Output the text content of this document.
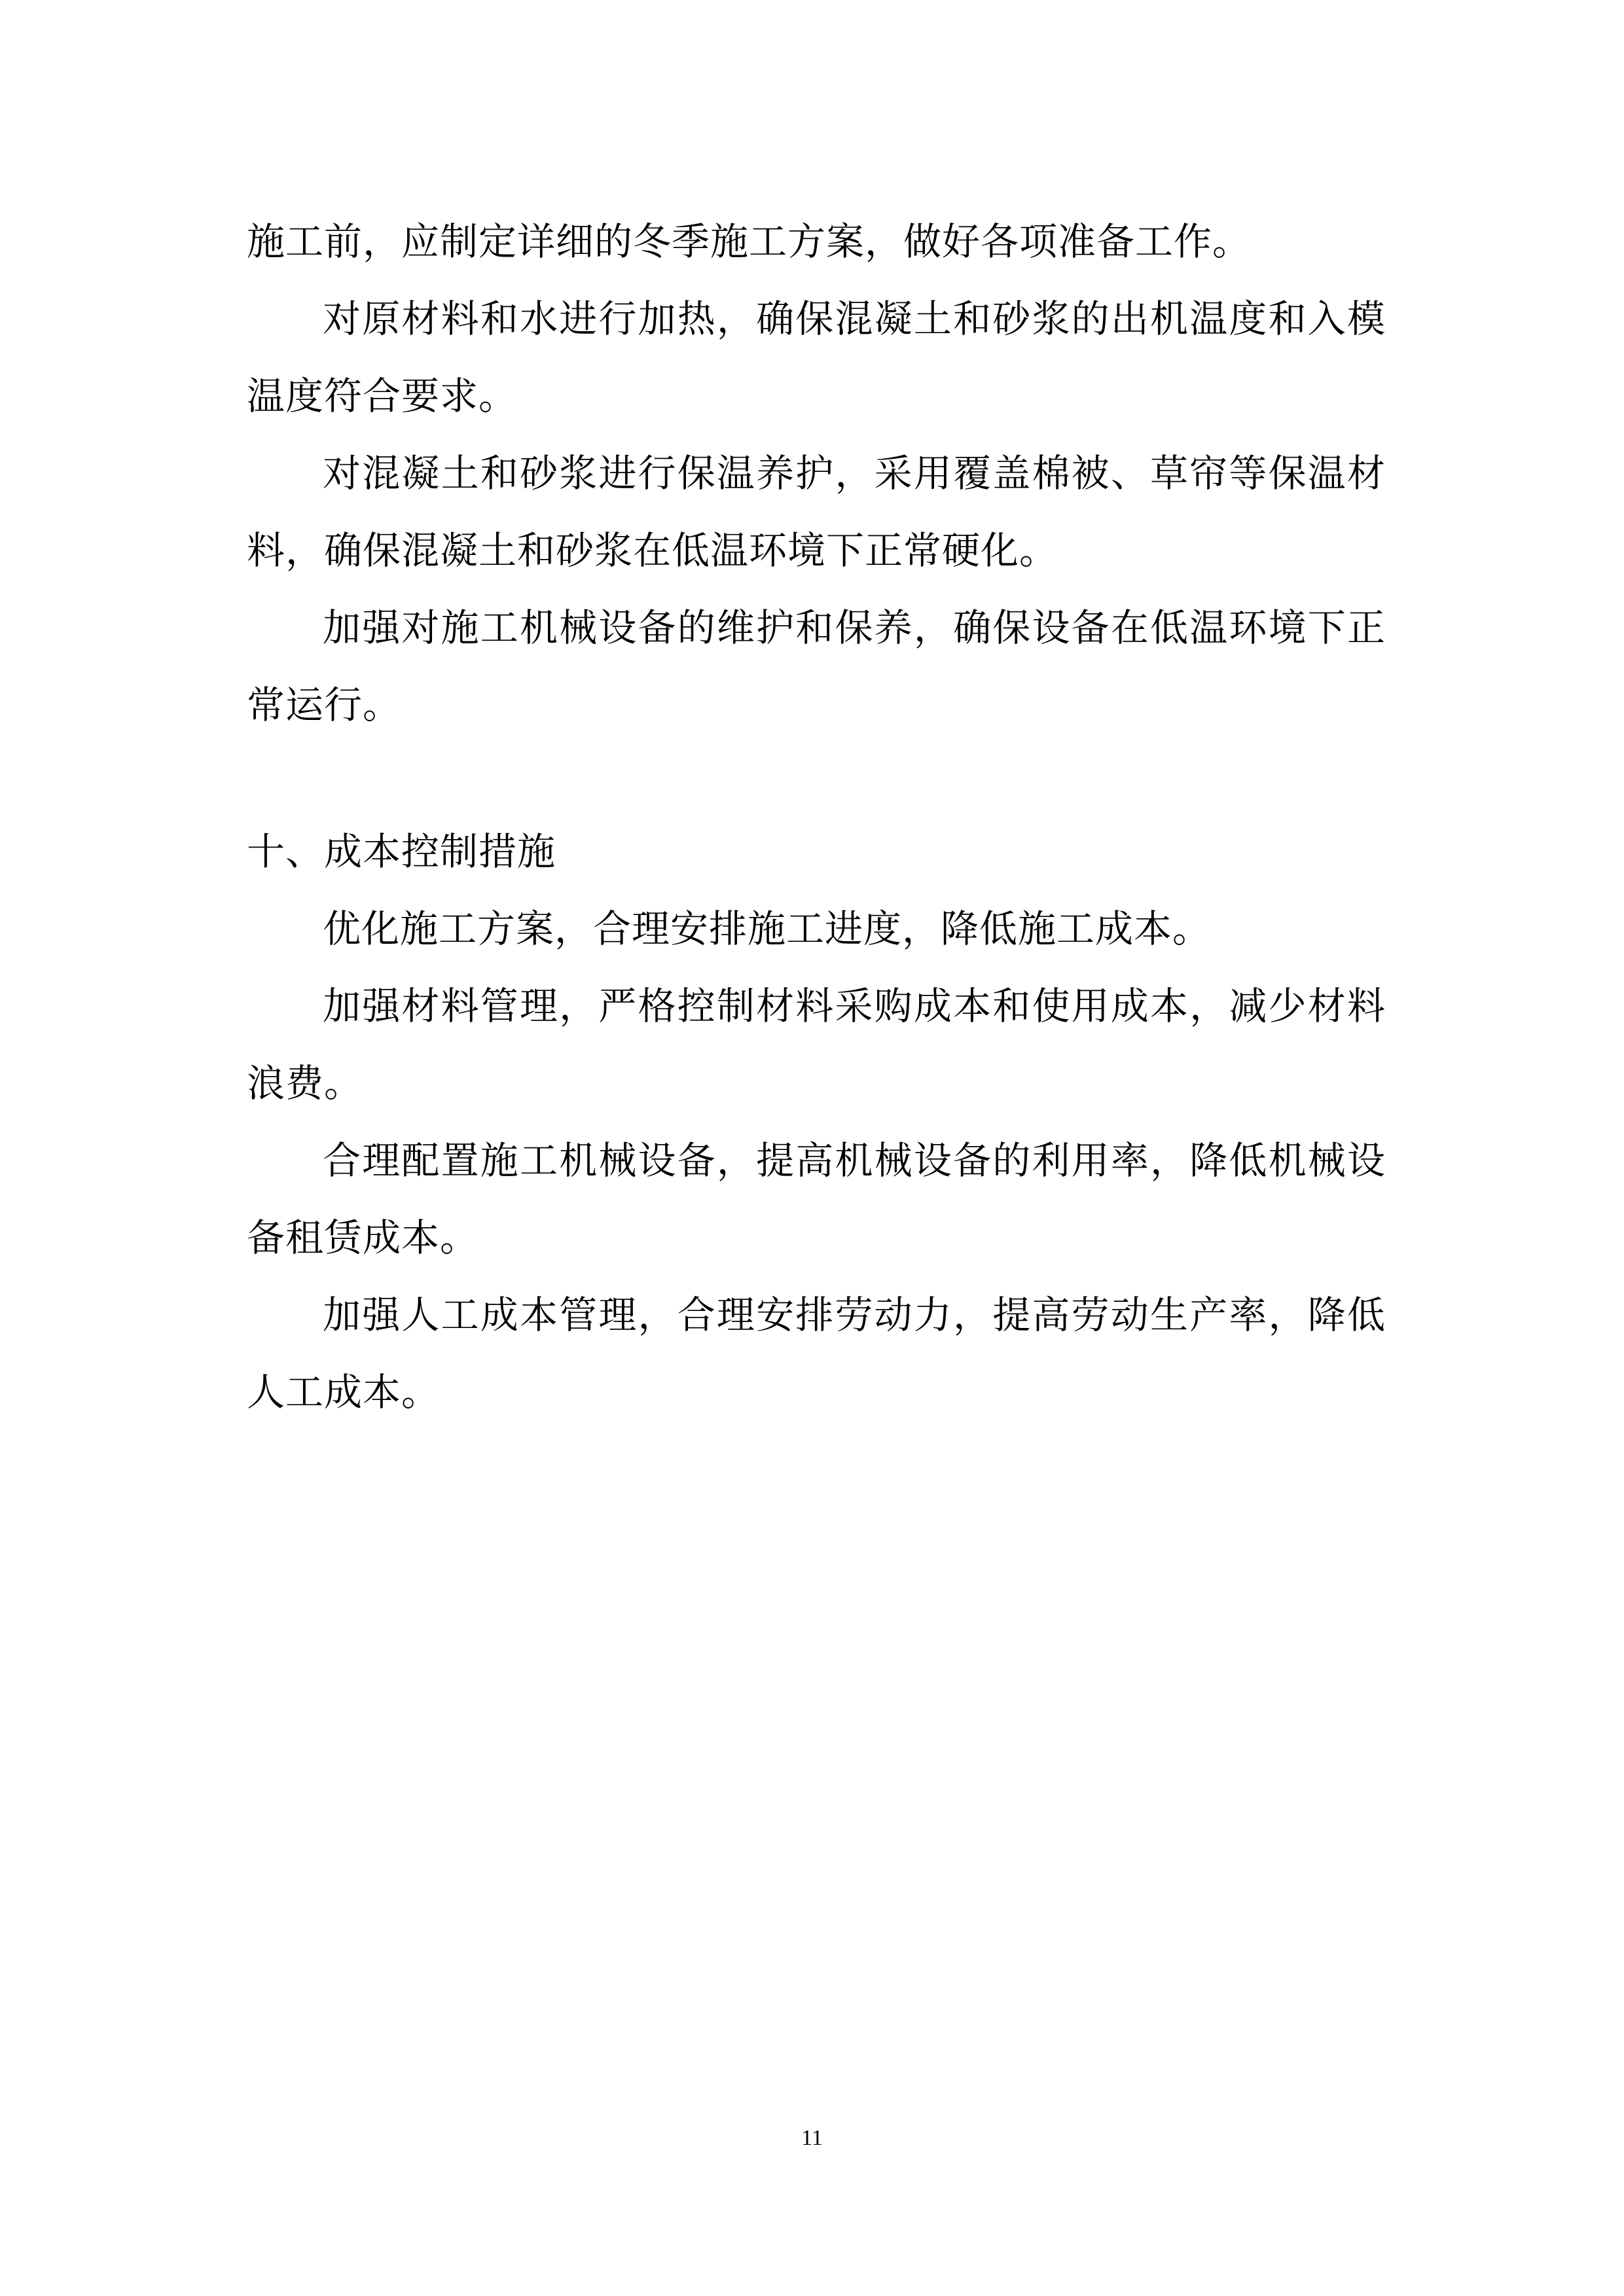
施工前，应制定详细的冬季施工方案，做好各项准备工作。

对原材料和水进行加热，确保混凝土和砂浆的出机温度和入模温度符合要求。

对混凝土和砂浆进行保温养护，采用覆盖棉被、草帘等保温材料，确保混凝土和砂浆在低温环境下正常硬化。

加强对施工机械设备的维护和保养，确保设备在低温环境下正常运行。

十、成本控制措施

优化施工方案，合理安排施工进度，降低施工成本。

加强材料管理，严格控制材料采购成本和使用成本，减少材料浪费。

合理配置施工机械设备，提高机械设备的利用率，降低机械设备租赁成本。

加强人工成本管理，合理安排劳动力，提高劳动生产率，降低人工成本。

11
